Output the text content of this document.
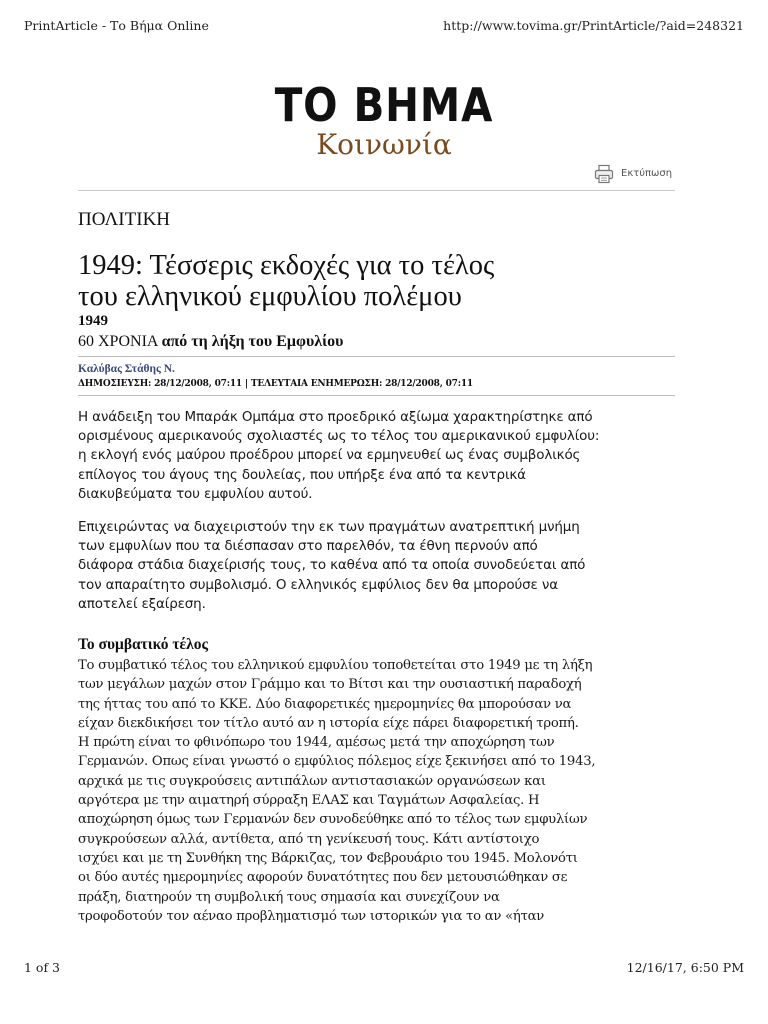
PrintArticle - Το Βήμα Online	http://www.tovima.gr/PrintArticle/?aid=248321
ΤΟ ΒΗΜΑ
Κοινωνία
Εκτύπωση
ΠΟΛΙΤΙΚΗ
1949: Τέσσερις εκδοχές για το τέλος
του ελληνικού εμφυλίου πολέμου
1949
60 ΧΡΟΝΙΑ από τη λήξη του Εμφυλίου
Καλύβας Στάθης Ν.
ΔΗΜΟΣΙΕΥΣΗ: 28/12/2008, 07:11 | ΤΕΛΕΥΤΑΙΑ ΕΝΗΜΕΡΩΣΗ: 28/12/2008, 07:11

Η ανάδειξη του Μπαράκ Ομπάμα στο προεδρικό αξίωμα χαρακτηρίστηκε από
ορισμένους αμερικανούς σχολιαστές ως το τέλος του αμερικανικού εμφυλίου:
η εκλογή ενός μαύρου προέδρου μπορεί να ερμηνευθεί ως ένας συμβολικός
επίλογος του άγους της δουλείας, που υπήρξε ένα από τα κεντρικά
διακυβεύματα του εμφυλίου αυτού.

Επιχειρώντας να διαχειριστούν την εκ των πραγμάτων ανατρεπτική μνήμη
των εμφυλίων που τα διέσπασαν στο παρελθόν, τα έθνη περνούν από
διάφορα στάδια διαχείρισής τους, το καθένα από τα οποία συνοδεύεται από
τον απαραίτητο συμβολισμό. Ο ελληνικός εμφύλιος δεν θα μπορούσε να
αποτελεί εξαίρεση.

Το συμβατικό τέλος

Το συμβατικό τέλος του ελληνικού εμφυλίου τοποθετείται στο 1949 με τη λήξη
των μεγάλων μαχών στον Γράμμο και το Βίτσι και την ουσιαστική παραδοχή
της ήττας του από το ΚΚΕ. Δύο διαφορετικές ημερομηνίες θα μπορούσαν να
είχαν διεκδικήσει τον τίτλο αυτό αν η ιστορία είχε πάρει διαφορετική τροπή.
Η πρώτη είναι το φθινόπωρο του 1944, αμέσως μετά την αποχώρηση των
Γερμανών. Οπως είναι γνωστό ο εμφύλιος πόλεμος είχε ξεκινήσει από το 1943,
αρχικά με τις συγκρούσεις αντιπάλων αντιστασιακών οργανώσεων και
αργότερα με την αιματηρή σύρραξη ΕΛΑΣ και Ταγμάτων Ασφαλείας. Η
αποχώρηση όμως των Γερμανών δεν συνοδεύθηκε από το τέλος των εμφυλίων
συγκρούσεων αλλά, αντίθετα, από τη γενίκευσή τους. Κάτι αντίστοιχο
ισχύει και με τη Συνθήκη της Βάρκιζας, τον Φεβρουάριο του 1945. Μολονότι
οι δύο αυτές ημερομηνίες αφορούν δυνατότητες που δεν μετουσιώθηκαν σε
πράξη, διατηρούν τη συμβολική τους σημασία και συνεχίζουν να
τροφοδοτούν τον αέναο προβληματισμό των ιστορικών για το αν «ήταν

1 of 3	12/16/17, 6:50 PM
